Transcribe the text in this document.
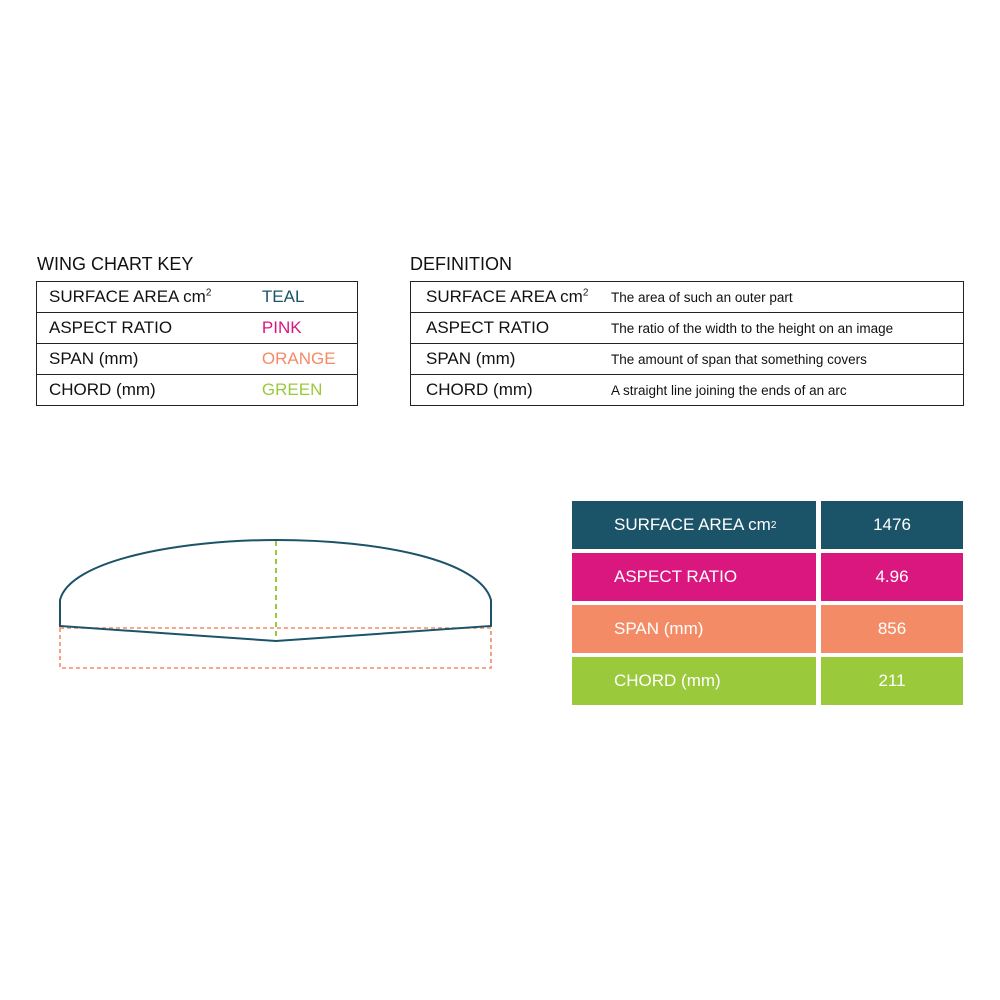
WING CHART KEY	DEFINITION
SURFACE AREA $cm^2$	TEAL
ASPECT RATIO	PINK
SPAN (mm)	ORANGE
CHORD (mm)	GREEN
SURFACE AREA $cm^2$	The area of such an outer part
ASPECT RATIO	The ratio of the width to the height on an image
SPAN (mm)	The amount of span that something covers
CHORD (mm)	A straight line joining the ends of an arc
SURFACE AREA cm 2	1476
ASPECT RATIO	4.96
SPAN (mm)	856
CHORD (mm)	211
